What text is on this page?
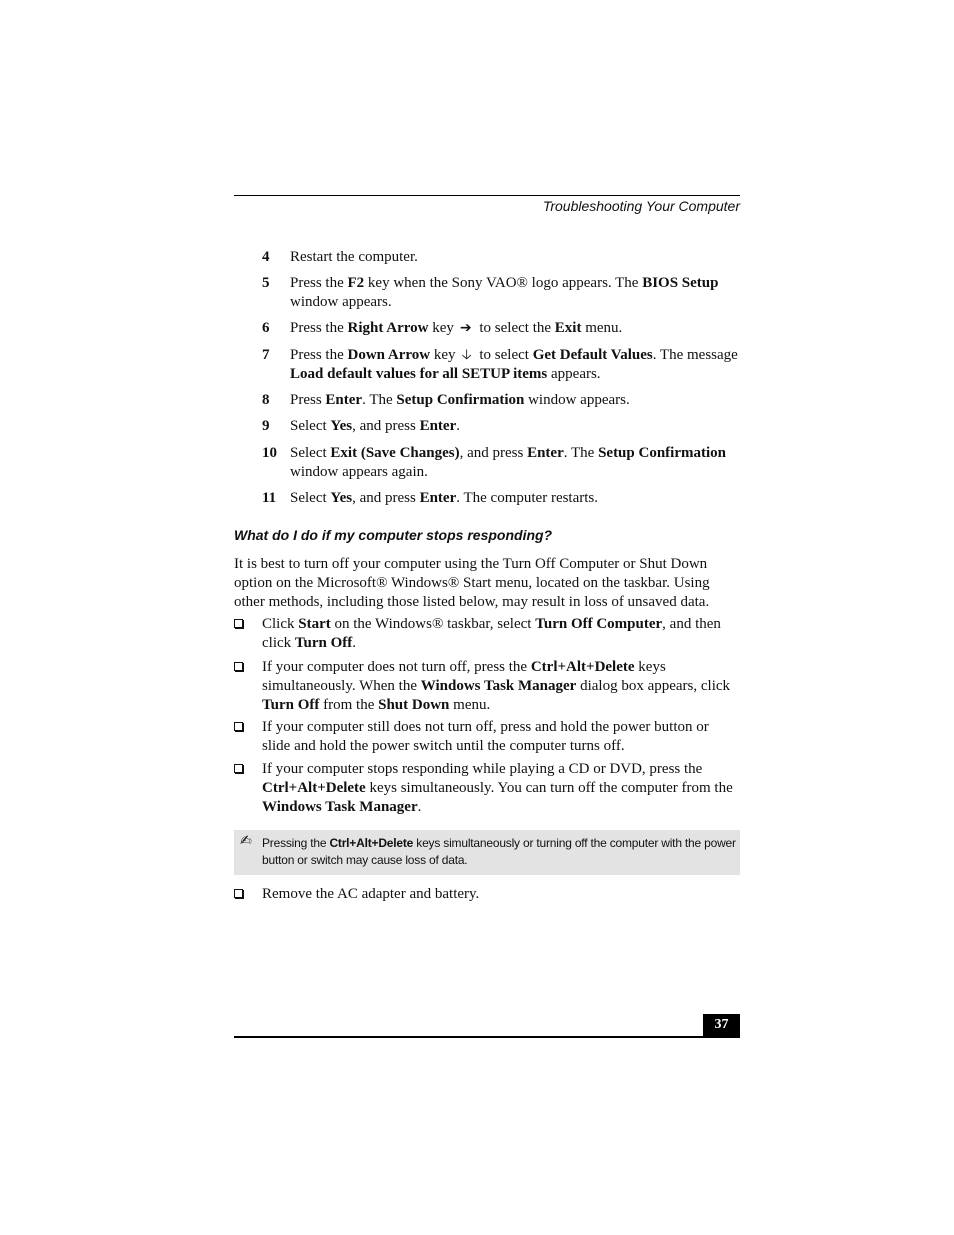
Troubleshooting Your Computer
4 Restart the computer.
5 Press the F2 key when the Sony VAO® logo appears. The BIOS Setup window appears.
6 Press the Right Arrow key ➔ to select the Exit menu.
7 Press the Down Arrow key 🡣 to select Get Default Values. The message Load default values for all SETUP items appears.
8 Press Enter. The Setup Confirmation window appears.
9 Select Yes, and press Enter.
10 Select Exit (Save Changes), and press Enter. The Setup Confirmation window appears again.
11 Select Yes, and press Enter. The computer restarts.
What do I do if my computer stops responding?
It is best to turn off your computer using the Turn Off Computer or Shut Down option on the Microsoft® Windows® Start menu, located on the taskbar. Using other methods, including those listed below, may result in loss of unsaved data.
Click Start on the Windows® taskbar, select Turn Off Computer, and then click Turn Off.
If your computer does not turn off, press the Ctrl+Alt+Delete keys simultaneously. When the Windows Task Manager dialog box appears, click Turn Off from the Shut Down menu.
If your computer still does not turn off, press and hold the power button or slide and hold the power switch until the computer turns off.
If your computer stops responding while playing a CD or DVD, press the Ctrl+Alt+Delete keys simultaneously. You can turn off the computer from the Windows Task Manager.
✍ Pressing the Ctrl+Alt+Delete keys simultaneously or turning off the computer with the power button or switch may cause loss of data.
Remove the AC adapter and battery.
37
